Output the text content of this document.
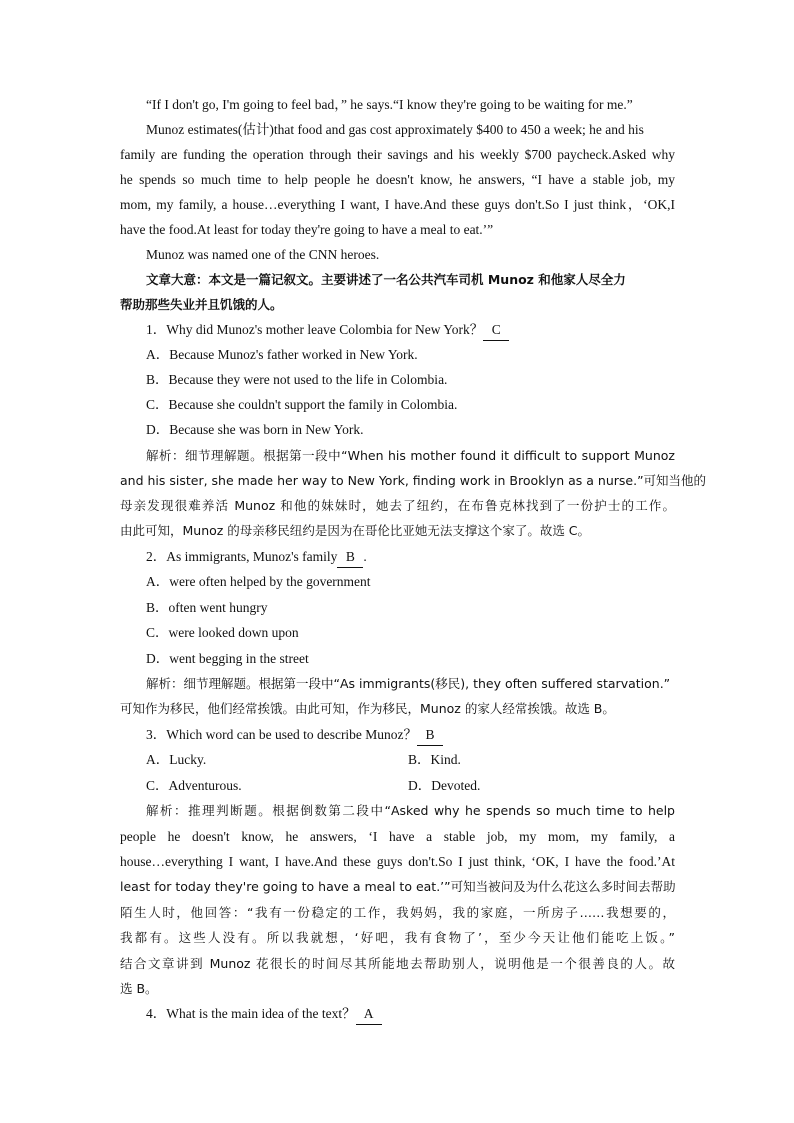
“If I don't go, I'm going to feel bad，” he says.“I know they're going to be waiting for me.”
Munoz estimates(估计)that food and gas cost approximately $400 to 450 a week; he and his
family are funding the operation through their savings and his weekly $700 paycheck.Asked why
he spends so much time to help people he doesn't know, he answers, “I have a stable job, my
mom, my family, a house…everything I want, I have.And these guys don't.So I just think，‘OK,I
have the food.At least for today they're going to have a meal to eat.’”
Munoz was named one of the CNN heroes.
文章大意：本文是一篇记叙文。主要讲述了一名公共汽车司机 Munoz 和他家人尽全力
帮助那些失业并且饥饿的人。
1．Why did Munoz's mother leave Colombia for New York？ C
A．Because Munoz's father worked in New York.
B．Because they were not used to the life in Colombia.
C．Because she couldn't support the family in Colombia.
D．Because she was born in New York.
解析：细节理解题。根据第一段中“When his mother found it difficult to support Munoz
and his sister, she made her way to New York, finding work in Brooklyn as a nurse.”可知当他的
母亲发现很难养活 Munoz 和他的妹妹时，她去了纽约，在布鲁克林找到了一份护士的工作。
由此可知，Munoz 的母亲移民纽约是因为在哥伦比亚她无法支撑这个家了。故选 C。
2．As immigrants, Munoz's family B .
A．were often helped by the government
B．often went hungry
C．were looked down upon
D．went begging in the street
解析：细节理解题。根据第一段中“As immigrants(移民), they often suffered starvation.”
可知作为移民，他们经常挨饿。由此可知，作为移民，Munoz 的家人经常挨饿。故选 B。
3．Which word can be used to describe Munoz？ B
A．Lucky.	B．Kind.
C．Adventurous.	D．Devoted.
解析：推理判断题。根据倒数第二段中“Asked why he spends so much time to help
people he doesn't know, he answers, ‘I have a stable job, my mom, my family, a
house…everything I want, I have.And these guys don't.So I just think, ‘OK, I have the food.’At
least for today they're going to have a meal to eat.’”可知当被问及为什么花这么多时间去帮助
陌生人时，他回答：“我有一份稳定的工作，我妈妈，我的家庭，一所房子……我想要的，
我都有。这些人没有。所以我就想，‘好吧，我有食物了’，至少今天让他们能吃上饭。”
结合文章讲到 Munoz 花很长的时间尽其所能地去帮助别人，说明他是一个很善良的人。故
选 B。
4．What is the main idea of the text？ A
